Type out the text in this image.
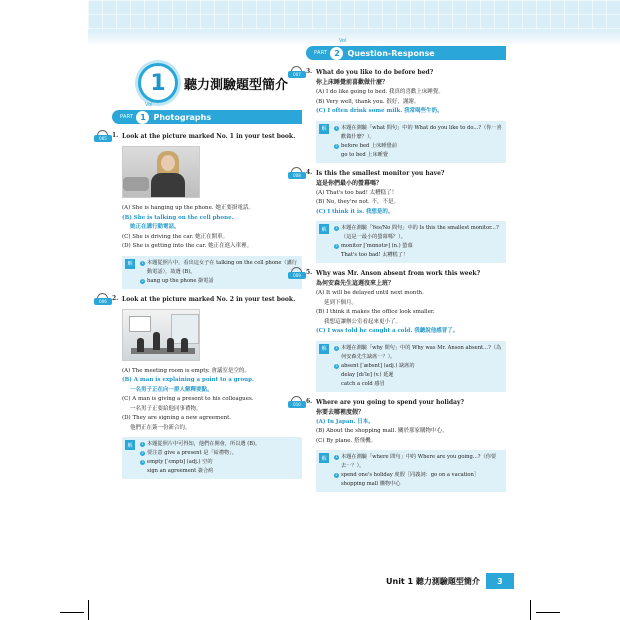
1	聽力測驗題型簡介
Vol
PART 1 Photographs
005 1. Look at the picture marked No. 1 in your test book.
(A) She is hanging up the phone. 她正要掛電話。
(B) She is talking on the cell phone.
她正在講行動電話。
(C) She is driving the car. 她正在開車。
(D) She is getting into the car. 她正在進入車裡。
解	1 本題從照片中，看出這女子在 talking on the cell phone（講行動電話），故選 (B)。
2 hang up the phone 掛電話
006 2. Look at the picture marked No. 2 in your test book.
(A) The meeting room is empty. 會議室是空的。
(B) A man is explaining a point to a group.
一名男子正在向一群人解釋要點。
(C) A man is giving a present to his colleagues.
一名男子正要給他同事禮物。
(D) They are signing a new agreement.
他們正在簽一份新合約。
解	1 本題從照片中可得知，他們在開會，所以選 (B)。
2 要注意 give a present 是「給禮物」。
3 empty [ˈɛmptɪ] (adj.) 空的
sign an agreement 簽合約
Vol
PART 2 Question-Response
007 3. What do you like to do before bed?
你上床睡覺前喜歡做什麼？
(A) I do like going to bed. 我真的喜歡上床睡覺。
(B) Very well, thank you. 很好，謝謝。
(C) I often drink some milk. 我常喝些牛奶。
解	1 本題在測驗「what 問句」中的 What do you like to do...?（你⋯喜歡做什麼？）。
2 before bed 上床睡覺前
go to bed 上床睡覺
008 4. Is this the smallest monitor you have?
這是你們最小的螢幕嗎？
(A) That's too bad! 太糟糕了！
(B) No, they're not. 不，不是。
(C) I think it is. 我想是的。
解	1 本題在測驗「Yes/No 問句」中的 Is this the smallest monitor...?（這是一最小的螢幕嗎？）。
2 monitor [ˈmɑnətɚ] (n.) 螢幕
That's too bad! 太糟糕了！
009 5. Why was Mr. Anson absent from work this week?
為何安森先生這週沒來上班？
(A) It will be delayed until next month.
延到下個月。
(B) I think it makes the office look smaller.
我想這讓辦公室看起來更小了。
(C) I was told he caught a cold. 我聽說他感冒了。
解	1 本題在測驗「why 問句」中的 Why was Mr. Anson absent...?（為何安森先生缺席⋯？）。
2 absent [ˈæbsnt] (adj.) 缺席的
delay [dɪˈle] (v.) 延遲
catch a cold 感冒
010 6. Where are you going to spend your holiday?
你要去哪裡度假？
(A) In Japan. 日本。
(B) About the shopping mall. 關於那家購物中心。
(C) By plane. 搭飛機。
解	1 本題在測驗「where 問句」中的 Where are you going...?（你要去⋯？）。
2 spend one's holiday 度假［同義詞：go on a vacation］
shopping mall 購物中心
Unit 1 聽力測驗題型簡介	3
